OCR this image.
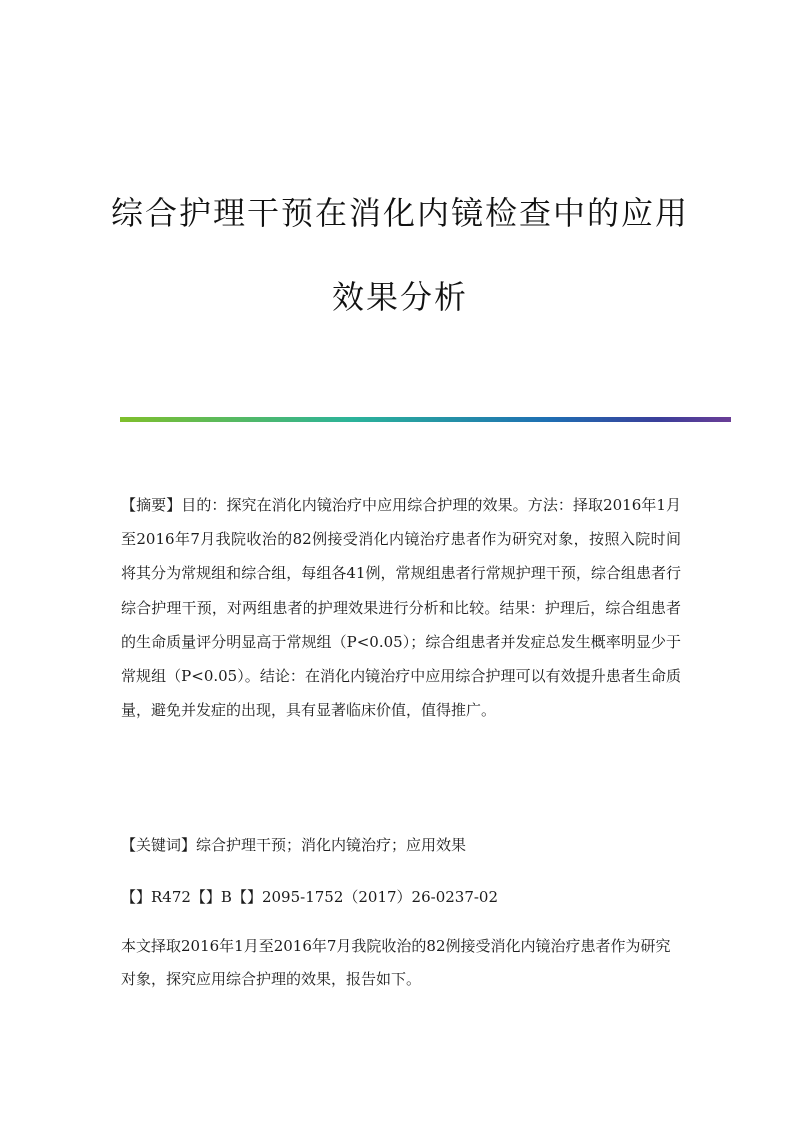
综合护理干预在消化内镜检查中的应用
效果分析

【摘要】目的：探究在消化内镜治疗中应用综合护理的效果。方法：择取2016年1月至2016年7月我院收治的82例接受消化内镜治疗患者作为研究对象，按照入院时间将其分为常规组和综合组，每组各41例，常规组患者行常规护理干预，综合组患者行综合护理干预，对两组患者的护理效果进行分析和比较。结果：护理后，综合组患者的生命质量评分明显高于常规组（P<0.05）；综合组患者并发症总发生概率明显少于常规组（P<0.05）。结论：在消化内镜治疗中应用综合护理可以有效提升患者生命质量，避免并发症的出现，具有显著临床价值，值得推广。

【关键词】综合护理干预；消化内镜治疗；应用效果

【】R472【】B【】2095-1752（2017）26-0237-02

本文择取2016年1月至2016年7月我院收治的82例接受消化内镜治疗患者作为研究对象，探究应用综合护理的效果，报告如下。
